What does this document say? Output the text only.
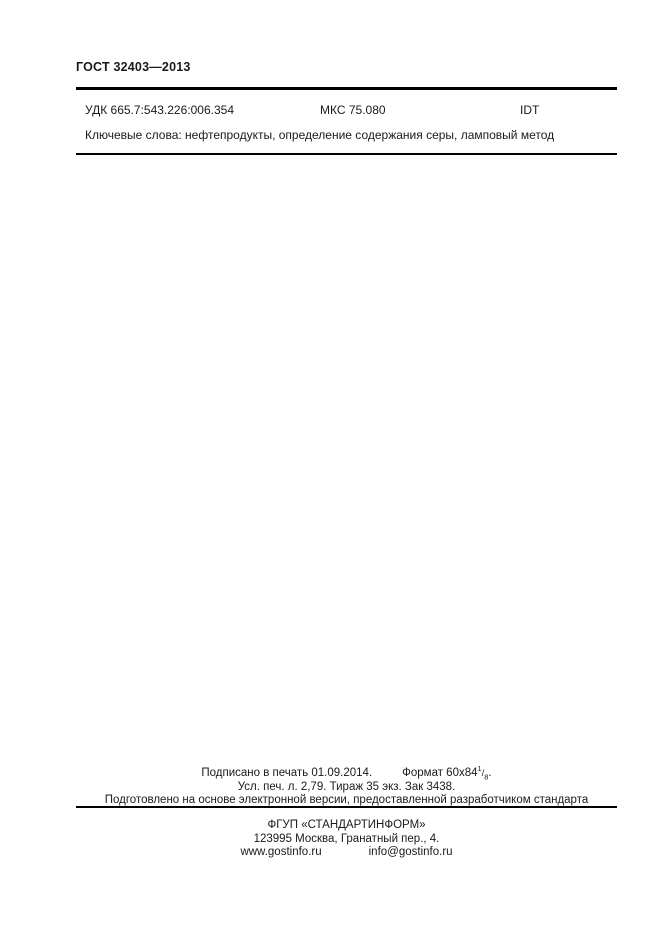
ГОСТ 32403—2013
УДК 665.7:543.226:006.354	МКС 75.080	IDT
Ключевые слова: нефтепродукты, определение содержания серы, ламповый метод
Подписано в печать 01.09.2014.	Формат $60х84^1/_8$.
Усл. печ. л. 2,79. Тираж 35 экз. Зак 3438.
Подготовлено на основе электронной версии, предоставленной разработчиком стандарта
ФГУП «СТАНДАРТИНФОРМ»
123995 Москва, Гранатный пер., 4.
www.gostinfo.ru	info@gostinfo.ru
